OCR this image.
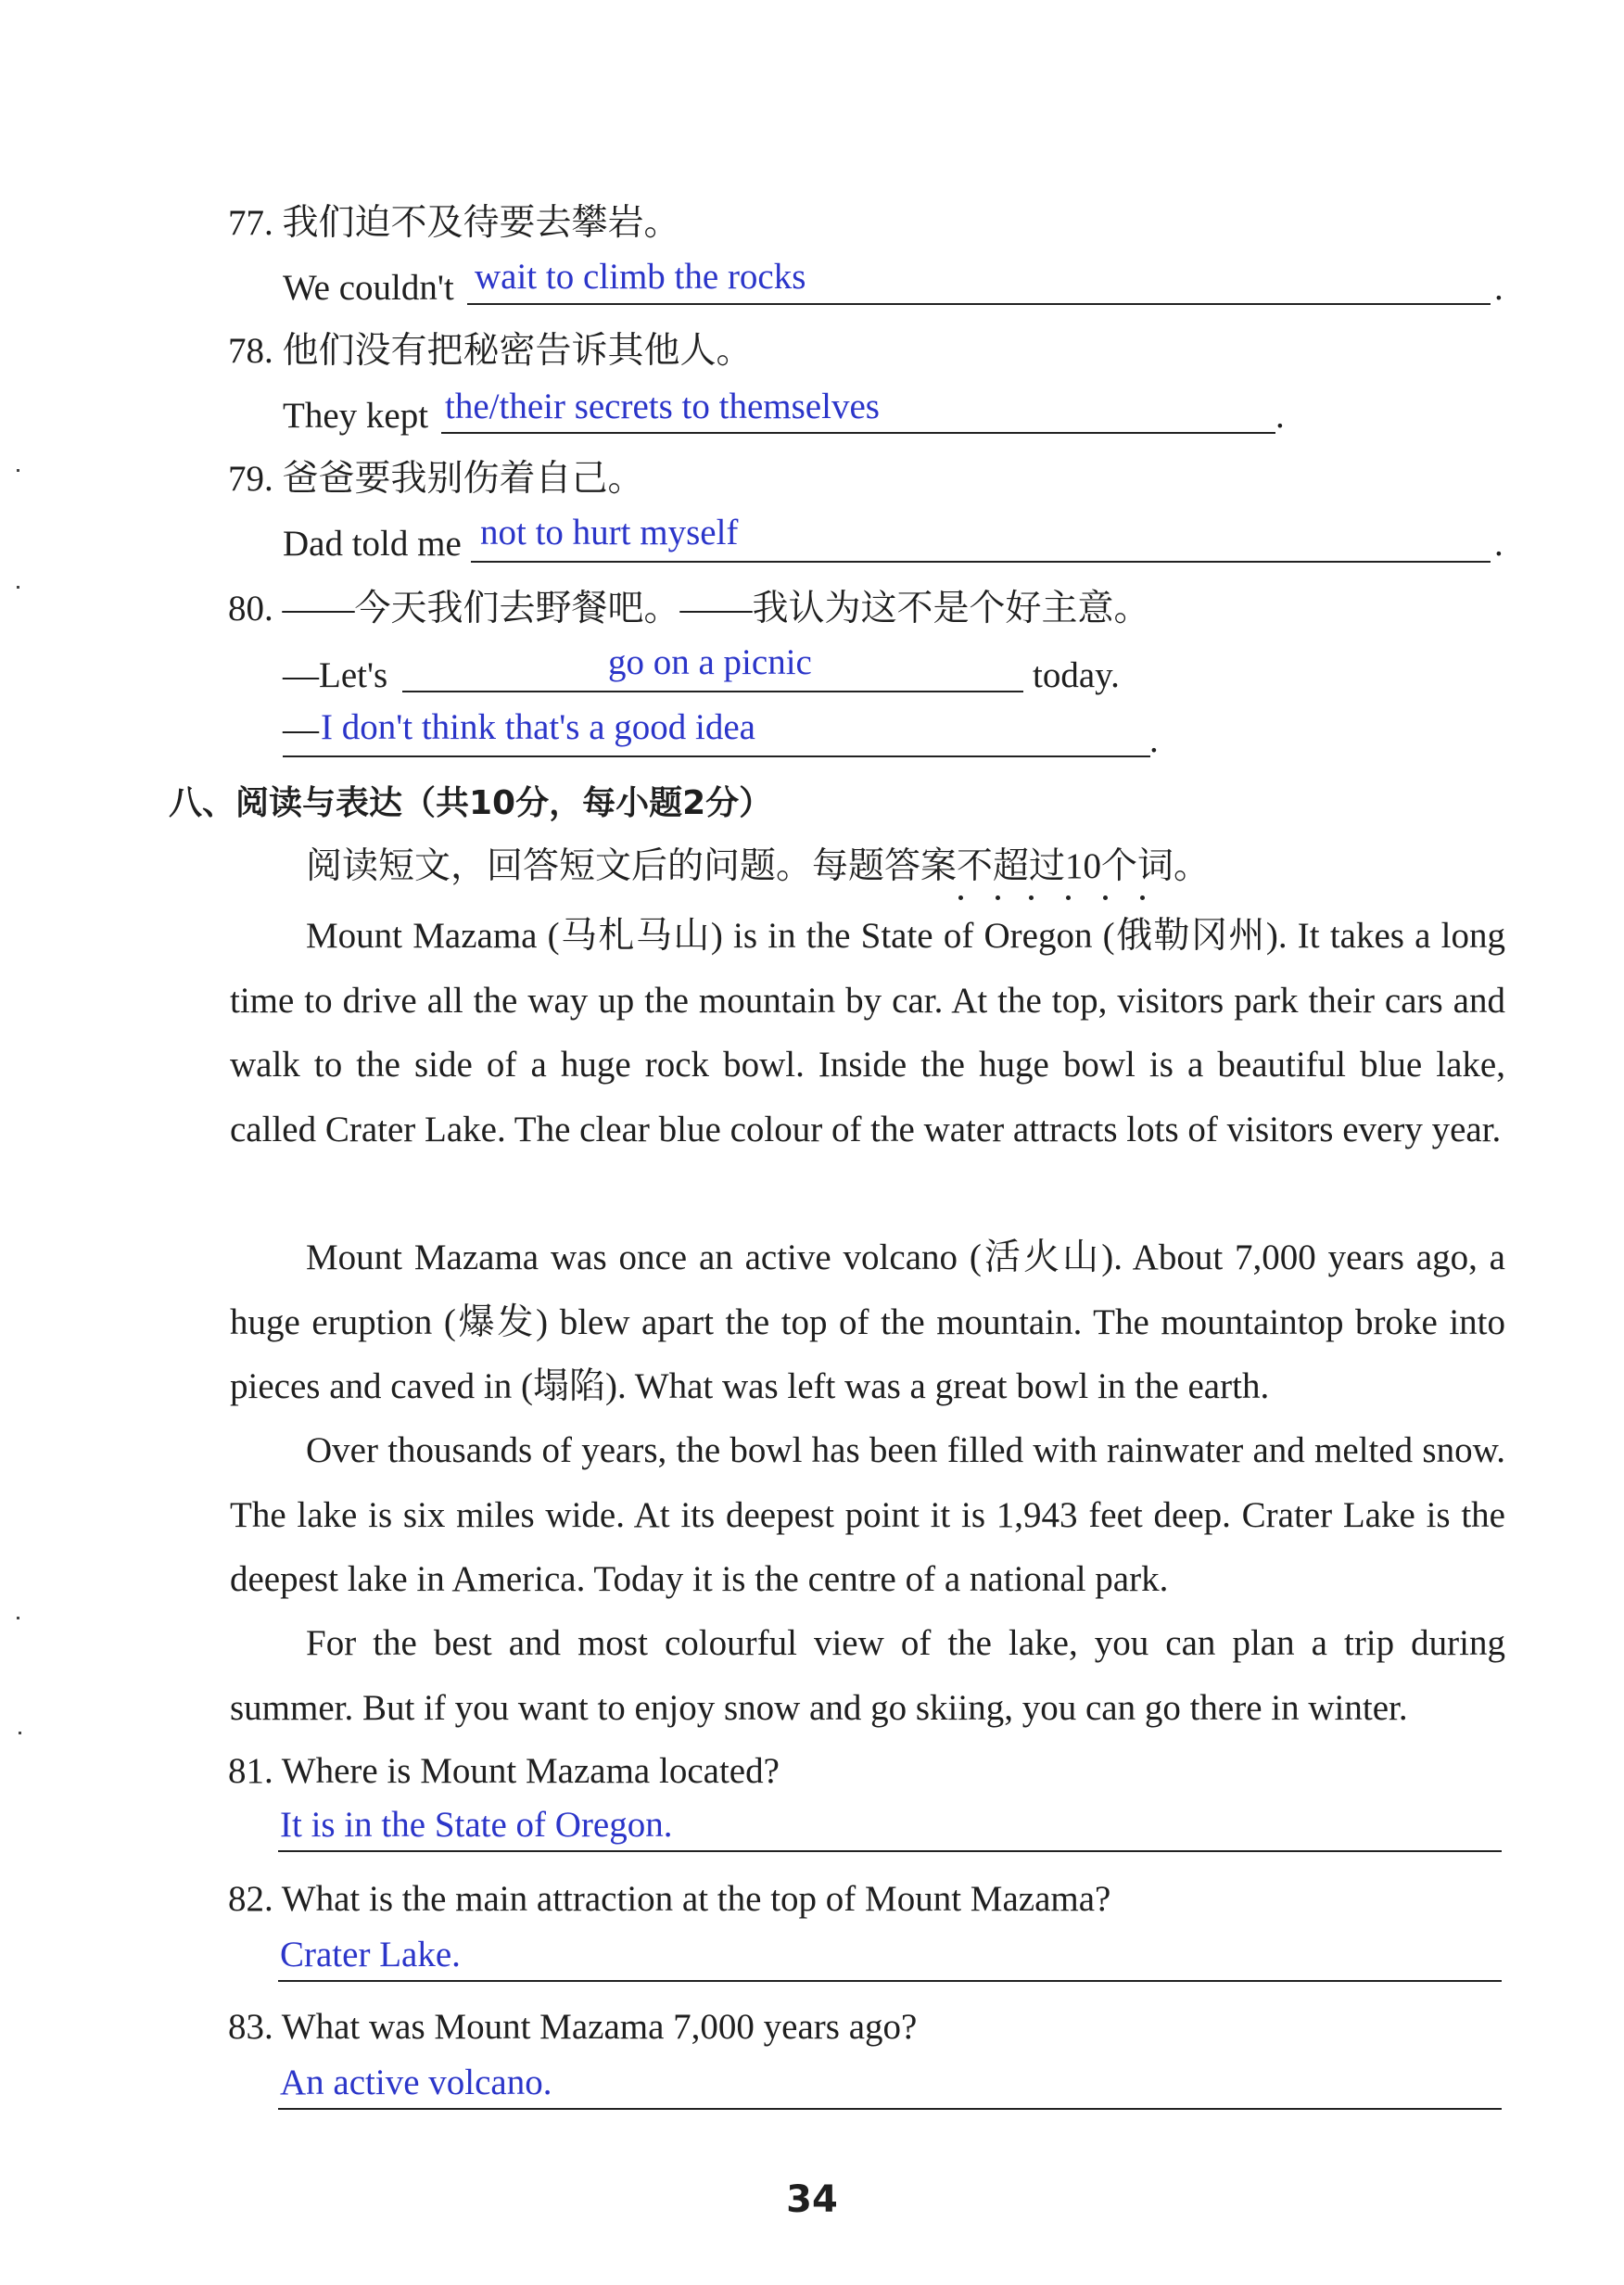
77. 我们迫不及待要去攀岩。
We couldn't wait to climb the rocks	.
78. 他们没有把秘密告诉其他人。
They kept the/their secrets to themselves	.
79. 爸爸要我别伤着自己。
Dad told me not to hurt myself	.
80. ——今天我们去野餐吧。——我认为这不是个好主意。
—Let's	go on a picnic	today.
— I don't think that's a good idea	.
八、阅读与表达（共10分，每小题2分）
阅读短文，回答短文后的问题。每题答案不超过10个词。
Mount Mazama (马札马山) is in the State of Oregon (俄勒冈州). It takes a long time to drive all the way up the mountain by car. At the top, visitors park their cars and walk to the side of a huge rock bowl. Inside the huge bowl is a beautiful blue lake, called Crater Lake. The clear blue colour of the water attracts lots of visitors every year.
Mount Mazama was once an active volcano (活火山). About 7,000 years ago, a huge eruption (爆发) blew apart the top of the mountain. The mountaintop broke into pieces and caved in (塌陷). What was left was a great bowl in the earth.
Over thousands of years, the bowl has been filled with rainwater and melted snow. The lake is six miles wide. At its deepest point it is 1,943 feet deep. Crater Lake is the deepest lake in America. Today it is the centre of a national park.
For the best and most colourful view of the lake, you can plan a trip during summer. But if you want to enjoy snow and go skiing, you can go there in winter.
81. Where is Mount Mazama located?
It is in the State of Oregon.
82. What is the main attraction at the top of Mount Mazama?
Crater Lake.
83. What was Mount Mazama 7,000 years ago?
An active volcano.
34
